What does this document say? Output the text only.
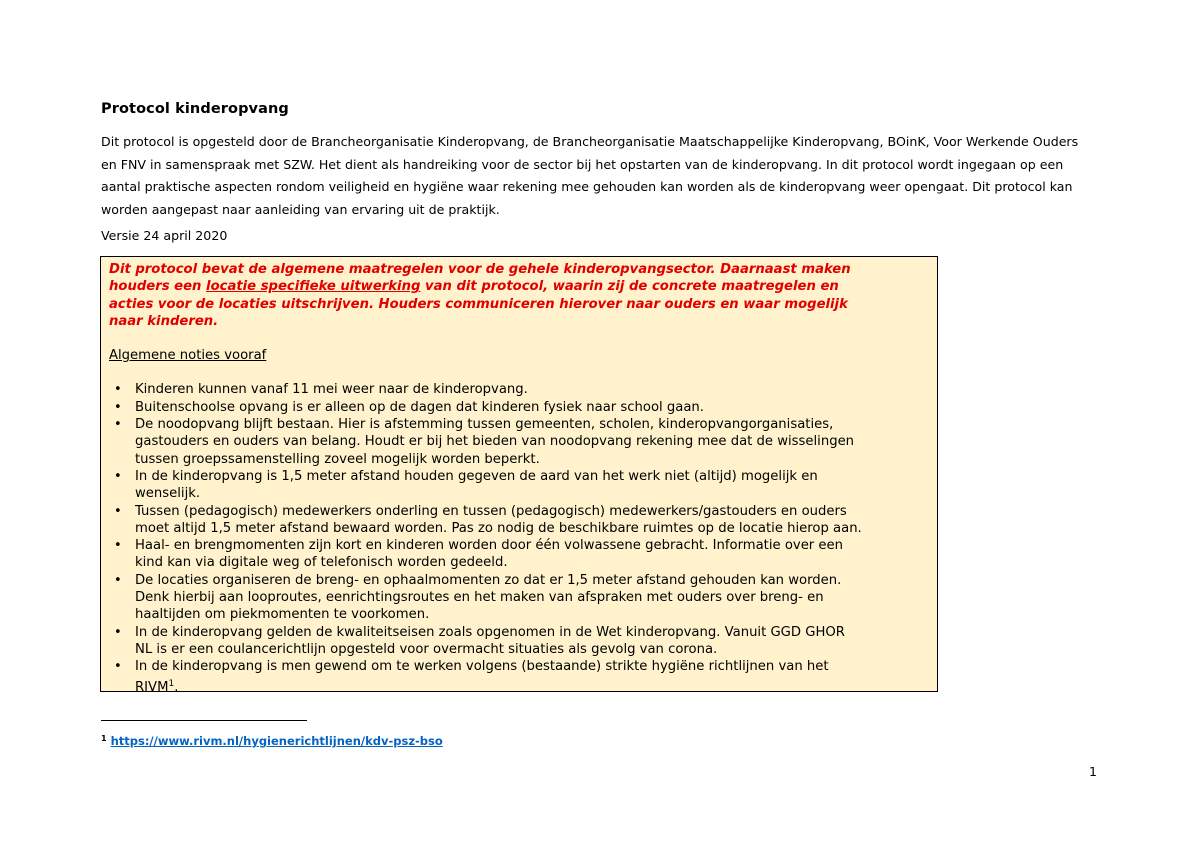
Protocol kinderopvang
Dit protocol is opgesteld door de Brancheorganisatie Kinderopvang, de Brancheorganisatie Maatschappelijke Kinderopvang, BOinK, Voor Werkende Ouders
en FNV in samenspraak met SZW. Het dient als handreiking voor de sector bij het opstarten van de kinderopvang. In dit protocol wordt ingegaan op een
aantal praktische aspecten rondom veiligheid en hygiëne waar rekening mee gehouden kan worden als de kinderopvang weer opengaat. Dit protocol kan
worden aangepast naar aanleiding van ervaring uit de praktijk.
Versie 24 april 2020
Dit protocol bevat de algemene maatregelen voor de gehele kinderopvangsector. Daarnaast maken
houders een locatie specifieke uitwerking van dit protocol, waarin zij de concrete maatregelen en
acties voor de locaties uitschrijven. Houders communiceren hierover naar ouders en waar mogelijk
naar kinderen.
Algemene noties vooraf
• Kinderen kunnen vanaf 11 mei weer naar de kinderopvang.
• Buitenschoolse opvang is er alleen op de dagen dat kinderen fysiek naar school gaan.
• De noodopvang blijft bestaan. Hier is afstemming tussen gemeenten, scholen, kinderopvangorganisaties,
gastouders en ouders van belang. Houdt er bij het bieden van noodopvang rekening mee dat de wisselingen
tussen groepssamenstelling zoveel mogelijk worden beperkt.
• In de kinderopvang is 1,5 meter afstand houden gegeven de aard van het werk niet (altijd) mogelijk en
wenselijk.
• Tussen (pedagogisch) medewerkers onderling en tussen (pedagogisch) medewerkers/gastouders en ouders
moet altijd 1,5 meter afstand bewaard worden. Pas zo nodig de beschikbare ruimtes op de locatie hierop aan.
• Haal- en brengmomenten zijn kort en kinderen worden door één volwassene gebracht. Informatie over een
kind kan via digitale weg of telefonisch worden gedeeld.
• De locaties organiseren de breng- en ophaalmomenten zo dat er 1,5 meter afstand gehouden kan worden.
Denk hierbij aan looproutes, eenrichtingsroutes en het maken van afspraken met ouders over breng- en
haaltijden om piekmomenten te voorkomen.
• In de kinderopvang gelden de kwaliteitseisen zoals opgenomen in de Wet kinderopvang. Vanuit GGD GHOR
NL is er een coulancerichtlijn opgesteld voor overmacht situaties als gevolg van corona.
• In de kinderopvang is men gewend om te werken volgens (bestaande) strikte hygiëne richtlijnen van het
RIVM$^1$.
$^1$ https://www.rivm.nl/hygienerichtlijnen/kdv-psz-bso
1
